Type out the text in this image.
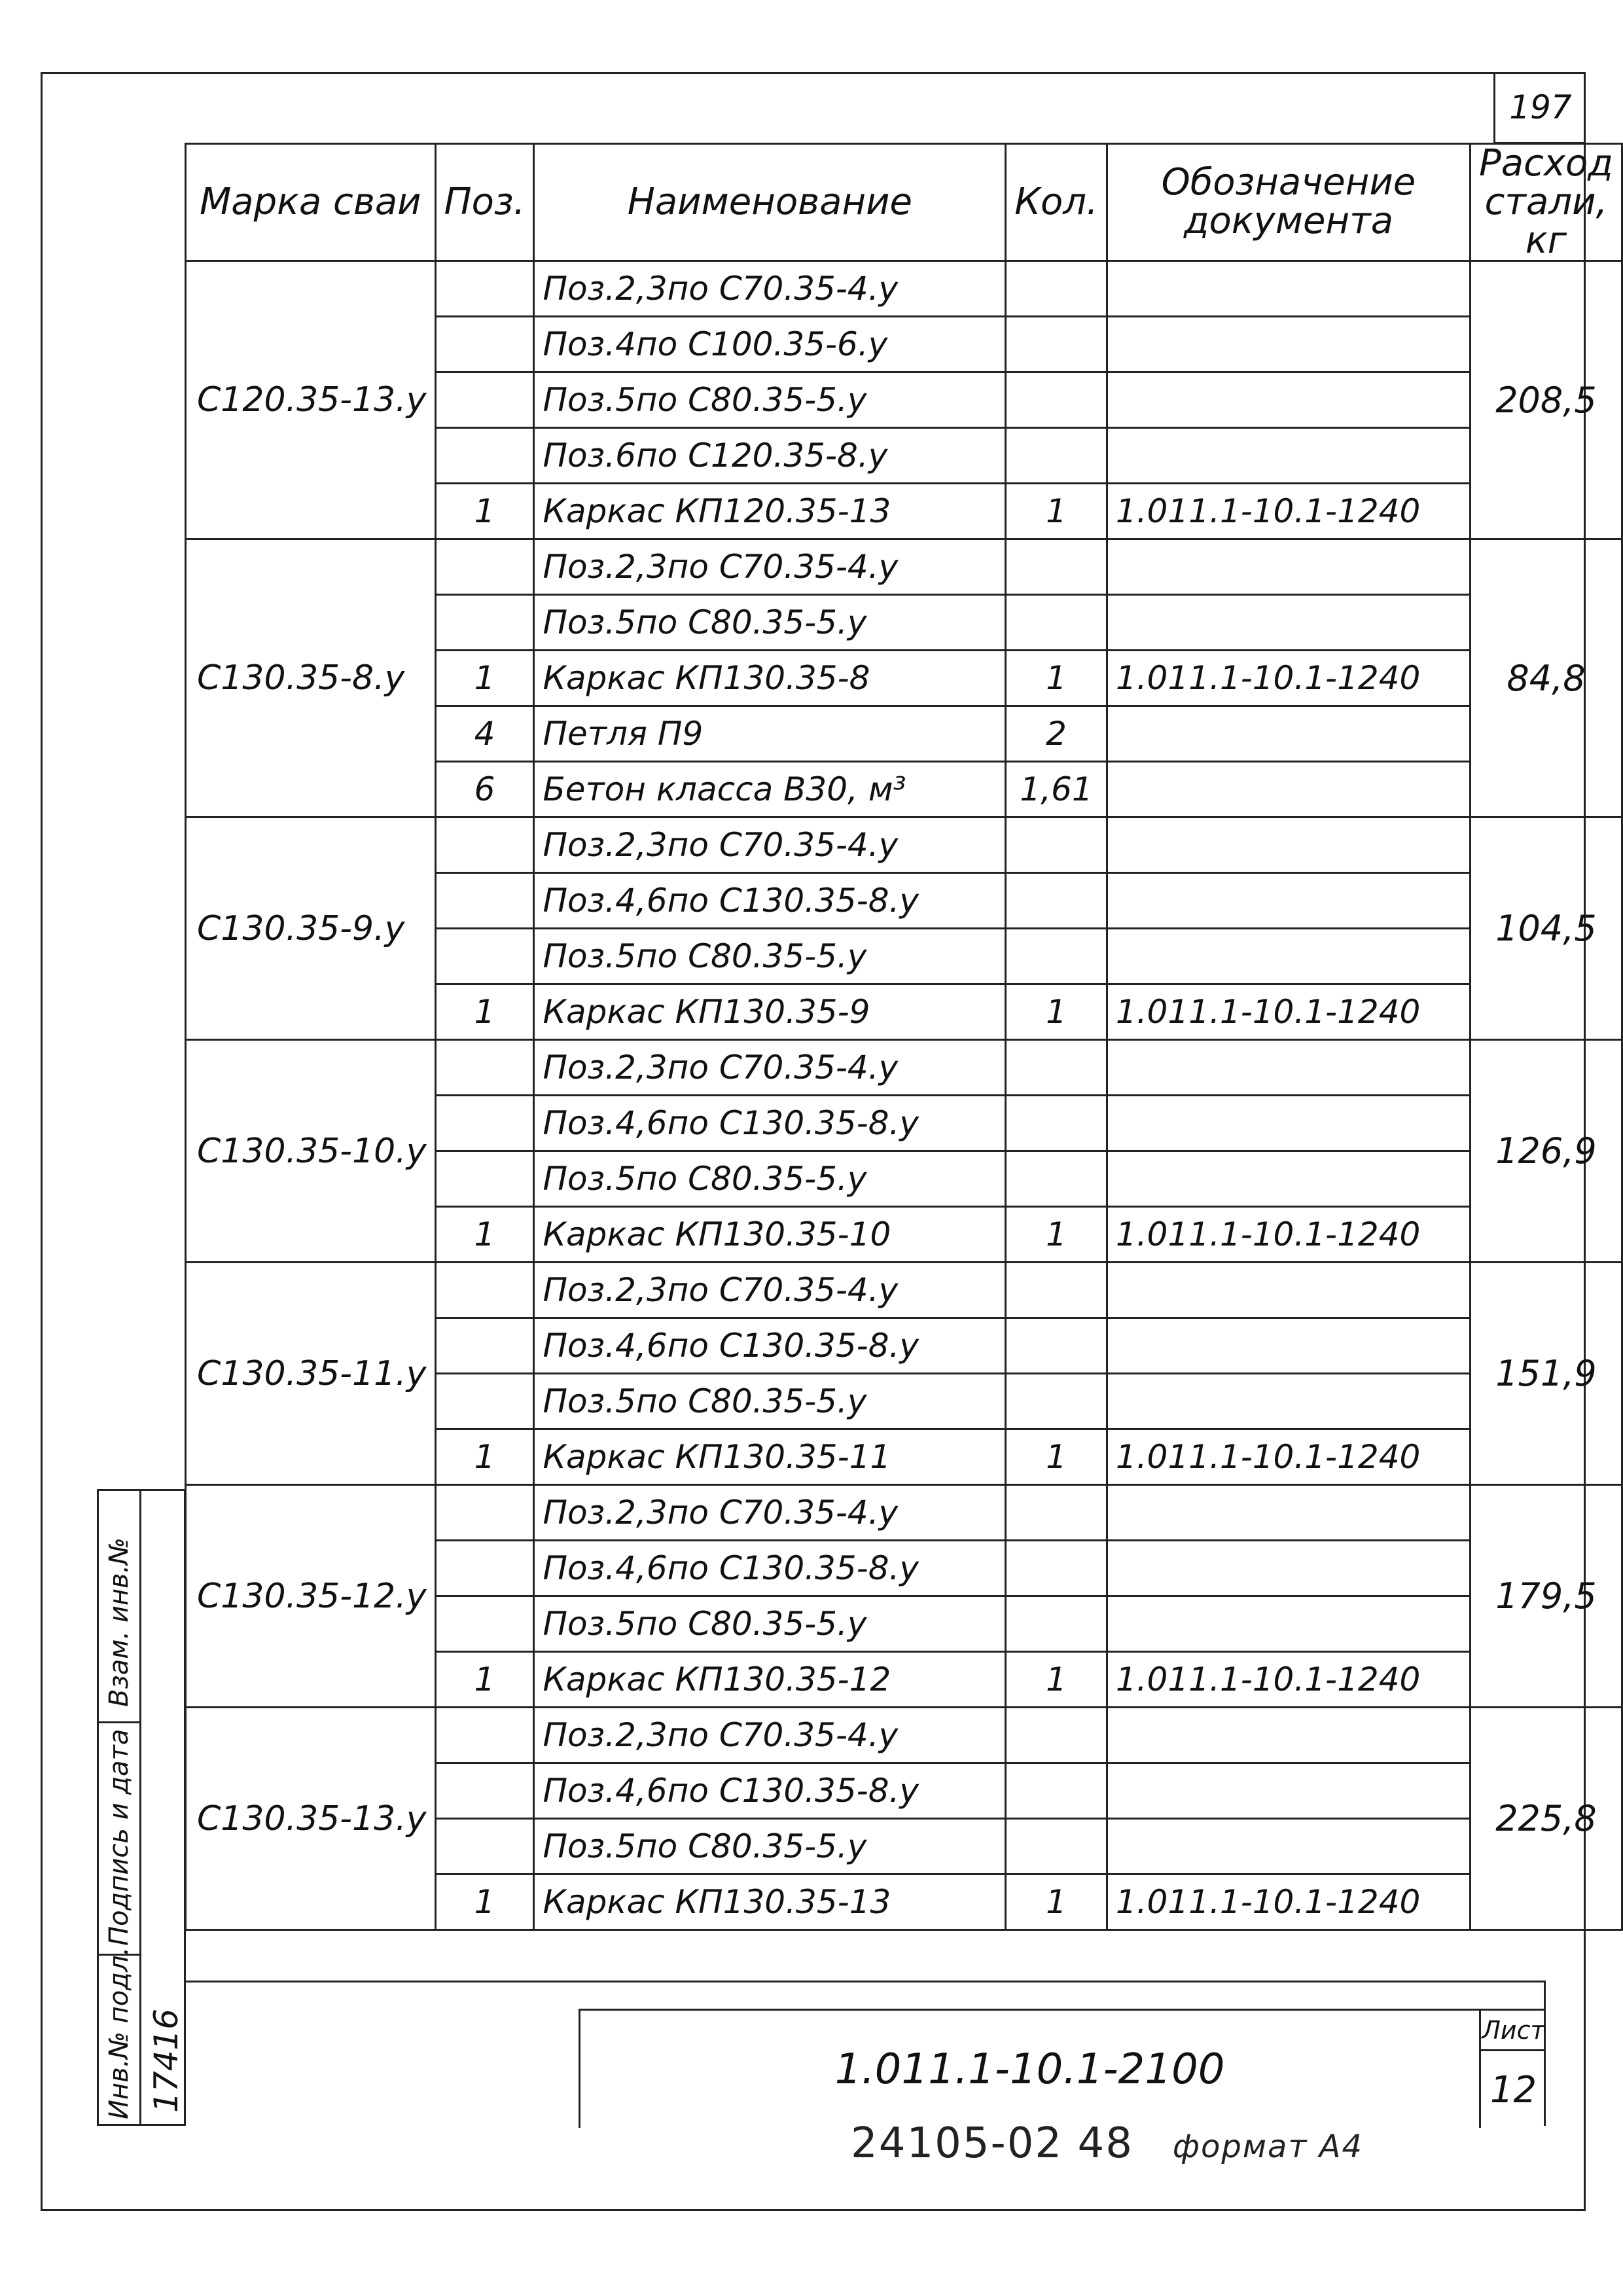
197
Марка сваи	Поз.	Наименование	Кол.	Обозначение документа	Расход стали, кг
С120.35-13.у		Поз.2,3по С70.35-4.у			208,5
		Поз.4по С100.35-6.у			
		Поз.5по С80.35-5.у			
		Поз.6по С120.35-8.у			
	1	Каркас КП120.35-13	1	1.011.1-10.1-1240	
С130.35-8.у		Поз.2,3по С70.35-4.у			84,8
		Поз.5по С80.35-5.у			
	1	Каркас КП130.35-8	1	1.011.1-10.1-1240	
	4	Петля П9	2		
	6	Бетон класса В30, м³	1,61		
С130.35-9.у		Поз.2,3по С70.35-4.у			104,5
		Поз.4,6по С130.35-8.у			
		Поз.5по С80.35-5.у			
	1	Каркас КП130.35-9	1	1.011.1-10.1-1240	
С130.35-10.у		Поз.2,3по С70.35-4.у			126,9
		Поз.4,6по С130.35-8.у			
		Поз.5по С80.35-5.у			
	1	Каркас КП130.35-10	1	1.011.1-10.1-1240	
С130.35-11.у		Поз.2,3по С70.35-4.у			151,9
		Поз.4,6по С130.35-8.у			
		Поз.5по С80.35-5.у			
	1	Каркас КП130.35-11	1	1.011.1-10.1-1240	
С130.35-12.у		Поз.2,3по С70.35-4.у			179,5
		Поз.4,6по С130.35-8.у			
		Поз.5по С80.35-5.у			
	1	Каркас КП130.35-12	1	1.011.1-10.1-1240	
С130.35-13.у		Поз.2,3по С70.35-4.у			225,8
		Поз.4,6по С130.35-8.у			
		Поз.5по С80.35-5.у			
	1	Каркас КП130.35-13	1	1.011.1-10.1-1240	
1.011.1-10.1-2100
Лист
12
Взам. инв.№
Подпись и дата
Инв.№ подл. 17416
24105-02 48 формат А4
